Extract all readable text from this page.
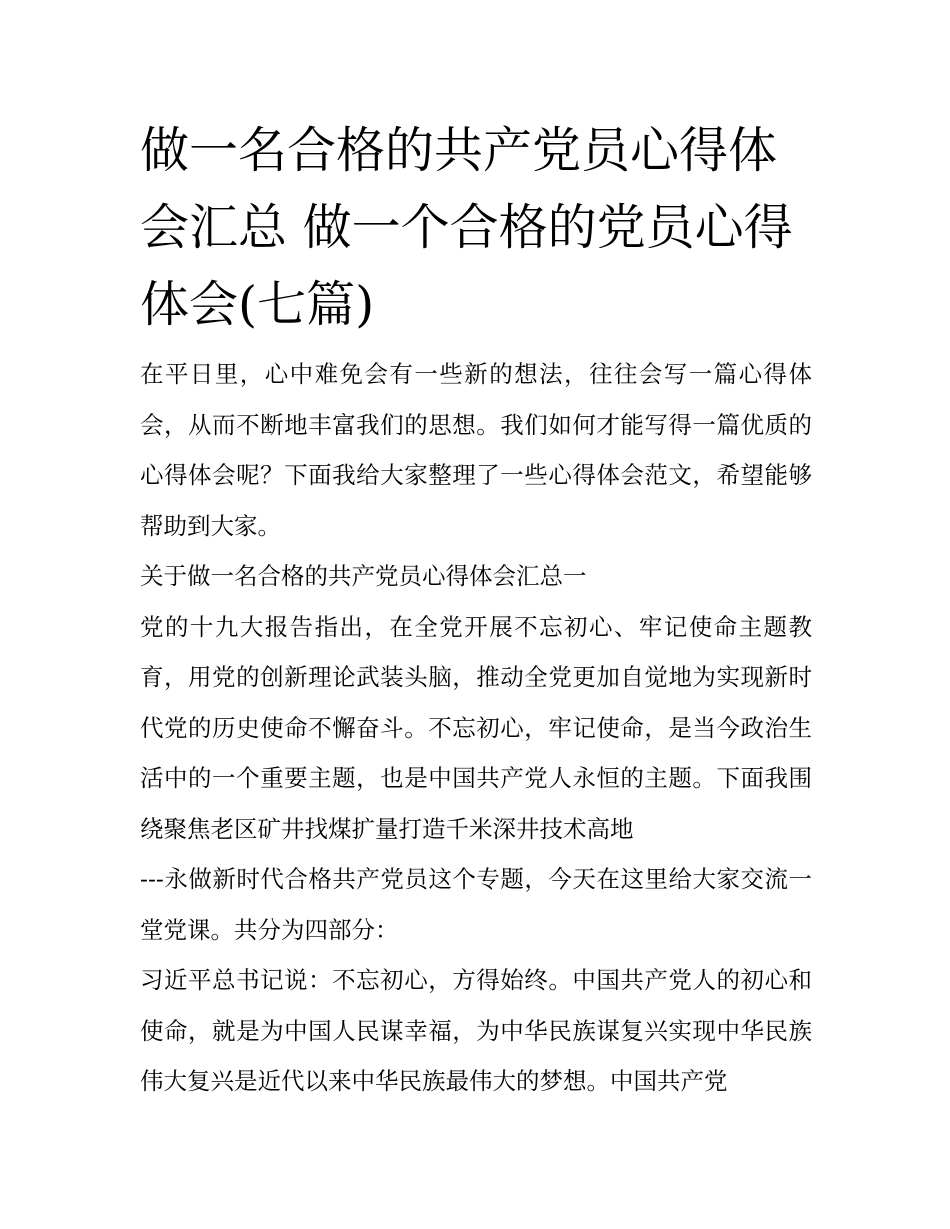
做一名合格的共产党员心得体会汇总 做一个合格的党员心得体会(七篇)

在平日里，心中难免会有一些新的想法，往往会写一篇心得体会，从而不断地丰富我们的思想。我们如何才能写得一篇优质的心得体会呢？下面我给大家整理了一些心得体会范文，希望能够帮助到大家。

关于做一名合格的共产党员心得体会汇总一

党的十九大报告指出，在全党开展不忘初心、牢记使命主题教育，用党的创新理论武装头脑，推动全党更加自觉地为实现新时代党的历史使命不懈奋斗。不忘初心，牢记使命，是当今政治生活中的一个重要主题，也是中国共产党人永恒的主题。下面我围绕聚焦老区矿井找煤扩量打造千米深井技术高地

---永做新时代合格共产党员这个专题，今天在这里给大家交流一堂党课。共分为四部分：

习近平总书记说：不忘初心，方得始终。中国共产党人的初心和使命，就是为中国人民谋幸福，为中华民族谋复兴实现中华民族伟大复兴是近代以来中华民族最伟大的梦想。中国共产党
